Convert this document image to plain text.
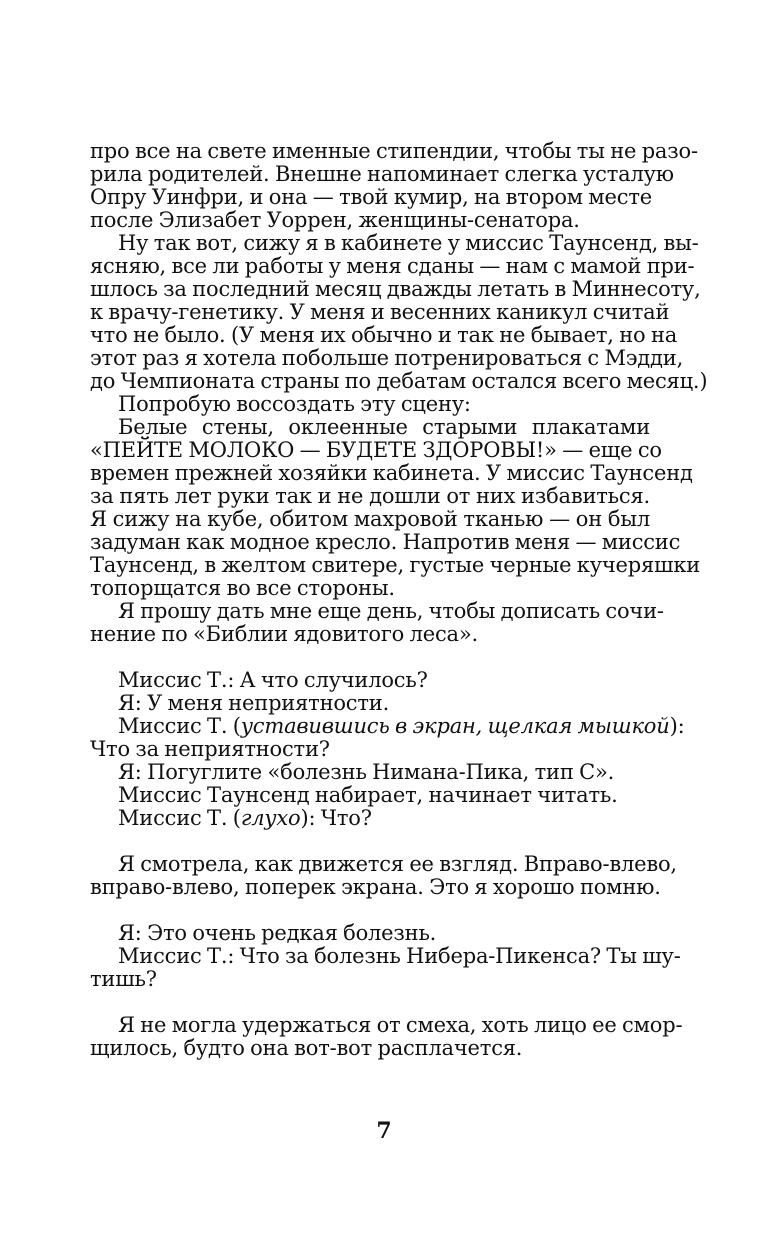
про все на свете именные стипендии, чтобы ты не разо-
рила родителей. Внешне напоминает слегка усталую
Опру Уинфри, и она — твой кумир, на втором месте
после Элизабет Уоррен, женщины-сенатора.
Ну так вот, сижу я в кабинете у миссис Таунсенд, вы-
ясняю, все ли работы у меня сданы — нам с мамой при-
шлось за последний месяц дважды летать в Миннесоту,
к врачу-генетику. У меня и весенних каникул считай
что не было. (У меня их обычно и так не бывает, но на
этот раз я хотела побольше потренироваться с Мэдди,
до Чемпионата страны по дебатам остался всего месяц.)
Попробую воссоздать эту сцену:
Белые стены, оклеенные старыми плакатами
«ПЕЙТЕ МОЛОКО — БУДЕТЕ ЗДОРОВЫ!» — еще со
времен прежней хозяйки кабинета. У миссис Таунсенд
за пять лет руки так и не дошли от них избавиться.
Я сижу на кубе, обитом махровой тканью — он был
задуман как модное кресло. Напротив меня — миссис
Таунсенд, в желтом свитере, густые черные кучеряшки
топорщатся во все стороны.
Я прошу дать мне еще день, чтобы дописать сочи-
нение по «Библии ядовитого леса».
Миссис Т.: А что случилось?
Я: У меня неприятности.
Миссис Т. (уставившись в экран, щелкая мышкой):
Что за неприятности?
Я: Погуглите «болезнь Нимана-Пика, тип С».
Миссис Таунсенд набирает, начинает читать.
Миссис Т. (глухо): Что?
Я смотрела, как движется ее взгляд. Вправо-влево,
вправо-влево, поперек экрана. Это я хорошо помню.
Я: Это очень редкая болезнь.
Миссис Т.: Что за болезнь Нибера-Пикенса? Ты шу-
тишь?
Я не могла удержаться от смеха, хоть лицо ее смор-
щилось, будто она вот-вот расплачется.
7
